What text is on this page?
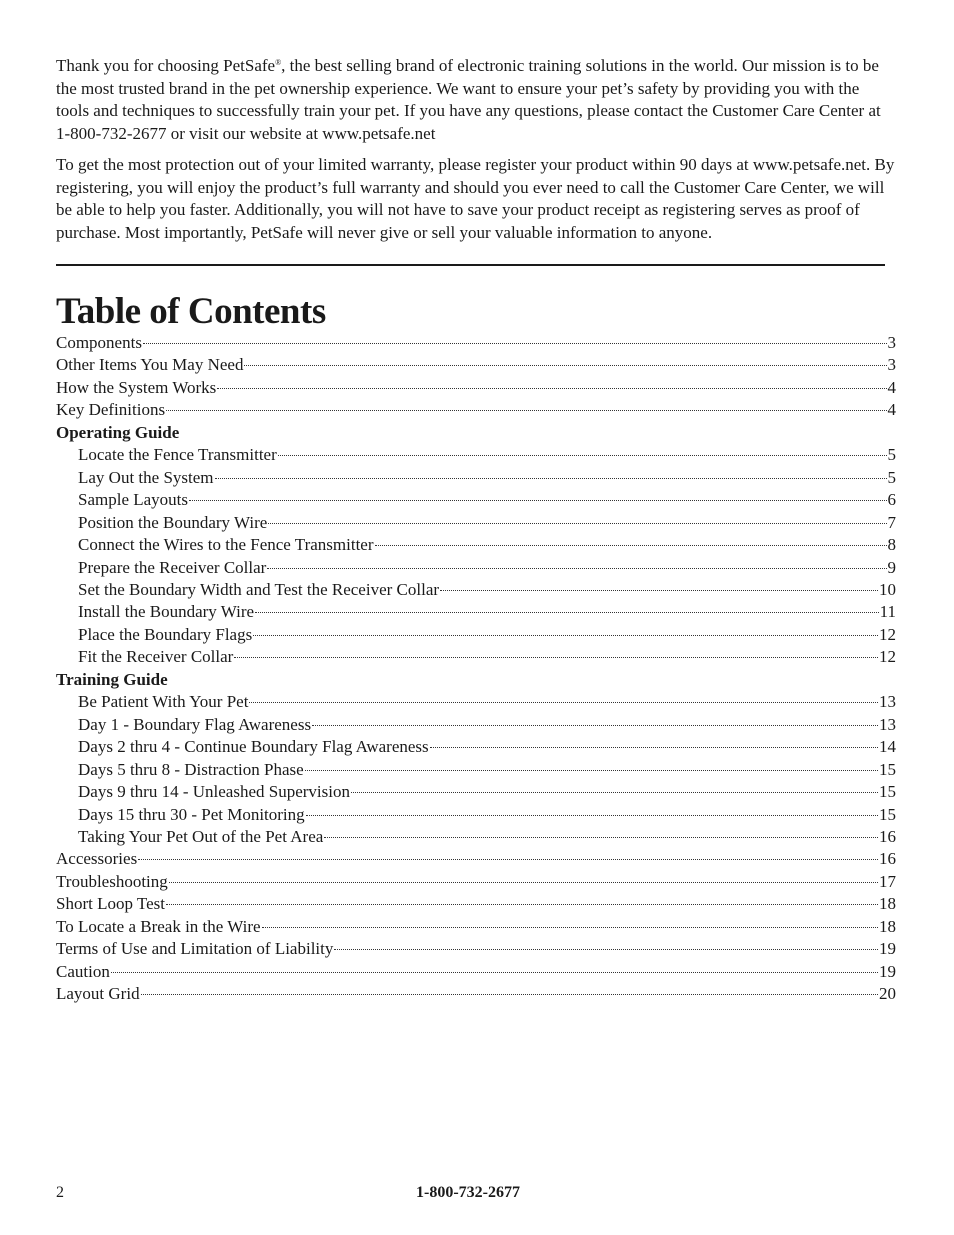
Thank you for choosing PetSafe®, the best selling brand of electronic training solutions in the world. Our mission is to be the most trusted brand in the pet ownership experience. We want to ensure your pet’s safety by providing you with the tools and techniques to successfully train your pet. If you have any questions, please contact the Customer Care Center at 1-800-732-2677 or visit our website at www.petsafe.net

To get the most protection out of your limited warranty, please register your product within 90 days at www.petsafe.net. By registering, you will enjoy the product’s full warranty and should you ever need to call the Customer Care Center, we will be able to help you faster. Additionally, you will not have to save your product receipt as registering serves as proof of purchase. Most importantly, PetSafe will never give or sell your valuable information to anyone.

Table of Contents
Components	3
Other Items You May Need	3
How the System Works	4
Key Definitions	4
Operating Guide
Locate the Fence Transmitter	5
Lay Out the System	5
Sample Layouts	6
Position the Boundary Wire	7
Connect the Wires to the Fence Transmitter	8
Prepare the Receiver Collar	9
Set the Boundary Width and Test the Receiver Collar	10
Install the Boundary Wire	11
Place the Boundary Flags	12
Fit the Receiver Collar	12
Training Guide
Be Patient With Your Pet	13
Day 1 - Boundary Flag Awareness	13
Days 2 thru 4 - Continue Boundary Flag Awareness	14
Days 5 thru 8 - Distraction Phase	15
Days 9 thru 14 - Unleashed Supervision	15
Days 15 thru 30 - Pet Monitoring	15
Taking Your Pet Out of the Pet Area	16
Accessories	16
Troubleshooting	17
Short Loop Test	18
To Locate a Break in the Wire	18
Terms of Use and Limitation of Liability	19
Caution	19
Layout Grid	20
2	1-800-732-2677
